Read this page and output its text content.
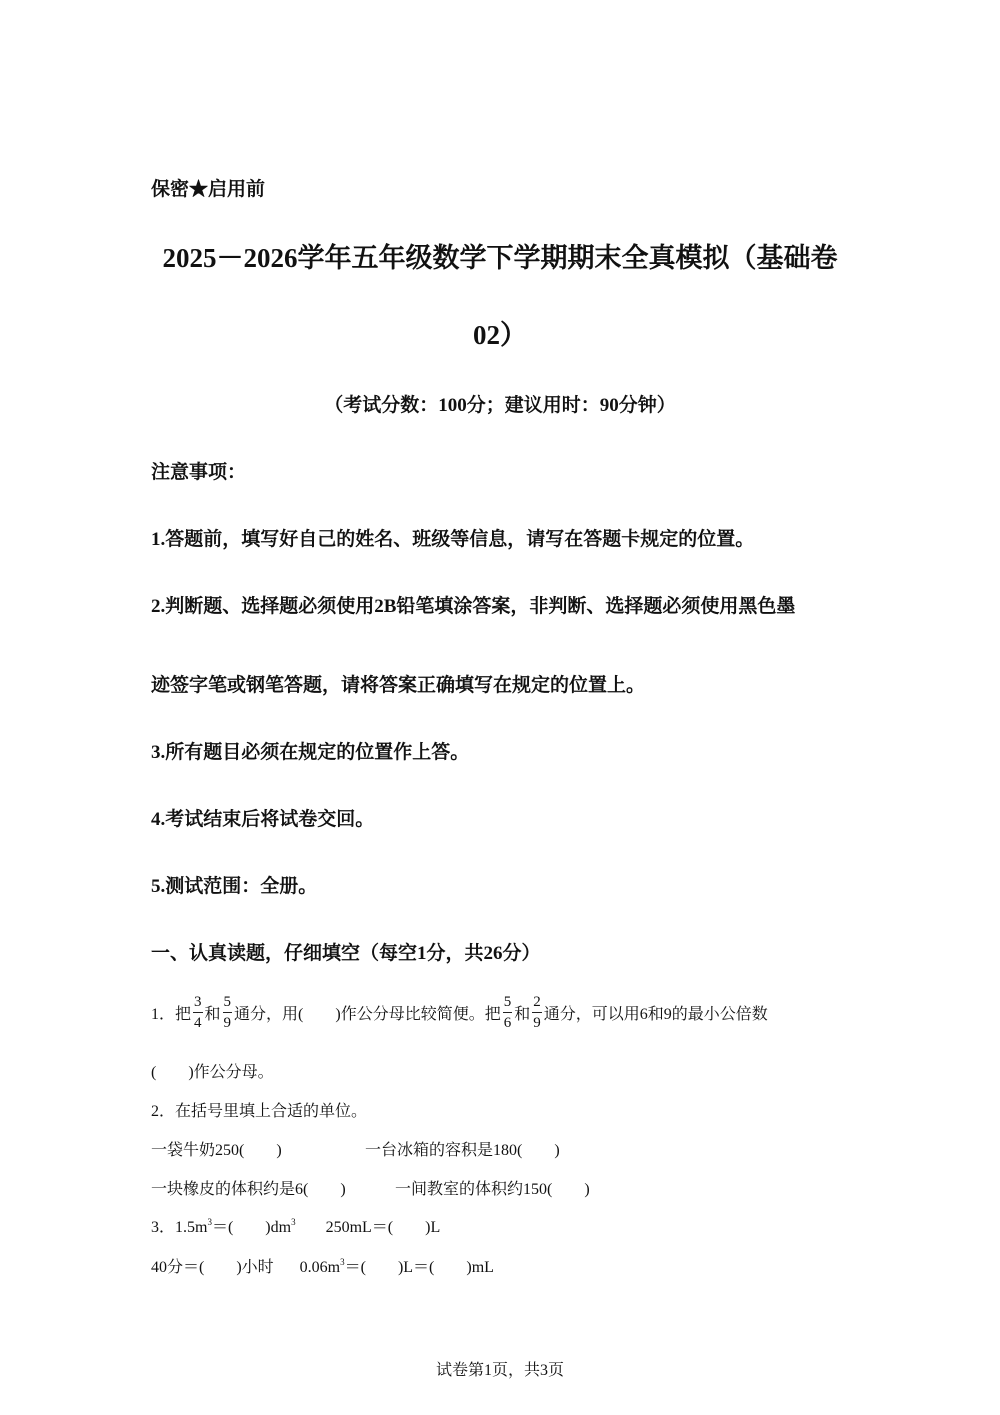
保密★启用前
2025－2026学年五年级数学下学期期末全真模拟（基础卷
02）
（考试分数：100分；建议用时：90分钟）
注意事项：
1.答题前，填写好自己的姓名、班级等信息，请写在答题卡规定的位置。
2.判断题、选择题必须使用2B铅笔填涂答案，非判断、选择题必须使用黑色墨
迹签字笔或钢笔答题，请将答案正确填写在规定的位置上。
3.所有题目必须在规定的位置作上答。
4.考试结束后将试卷交回。
5.测试范围：全册。
一、认真读题，仔细填空（每空1分，共26分）
1．把 $\frac{3}{4}$ 和 $\frac{5}{9}$ 通分，用(　　)作公分母比较简便。把 $\frac{5}{6}$ 和 $\frac{2}{9}$ 通分，可以用6和9的最小公倍数
(　　)作公分母。
2．在括号里填上合适的单位。
一袋牛奶250(　　)	一台冰箱的容积是180(　　)
一块橡皮的体积约是6(　　)	一间教室的体积约150(　　)
3．$1.5m^3=$(　　)$dm^3$ 250mL＝(　　)L
40分＝(　　)小时 $0.06m^3=$(　　)L＝(　　)mL
试卷第1页，共3页
